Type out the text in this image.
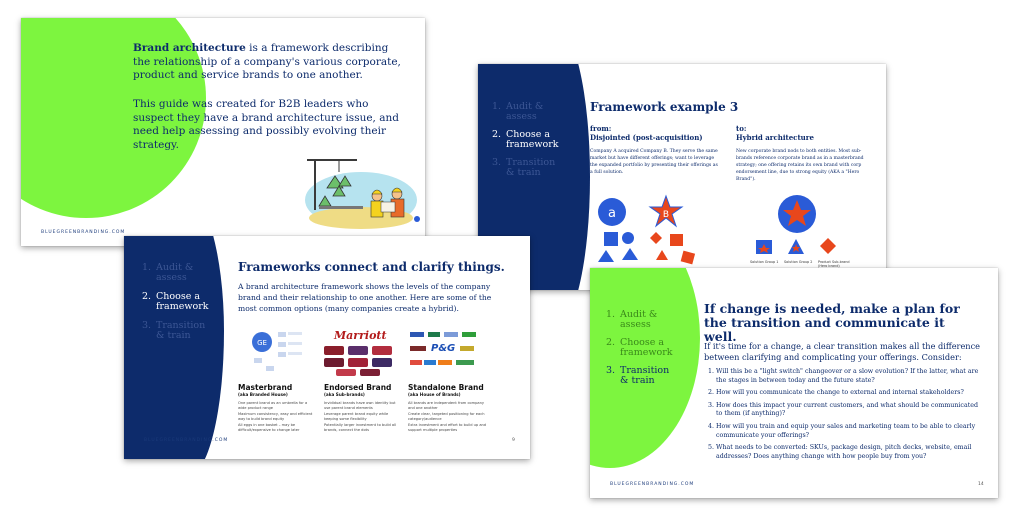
Brand architecture is a framework describing the relationship of a company's various corporate, product and service brands to one another.
This guide was created for B2B leaders who suspect they have a brand architecture issue, and need help assessing and possibly evolving their strategy.
BLUEGREENBRANDING.COM
1. Audit & assess
2. Choose a framework
3. Transition & train
Framework example 3
from:
Disjointed (post-acquisition)
Company A acquired Company B. They serve the same market but have different offerings; want to leverage the expanded portfolio by presenting their offerings as a full solution.
to:
Hybrid architecture
New corporate brand nods to both entities. Most sub-brands reference corporate brand as in a masterbrand strategy; one offering retains its own brand with corp endorsement line, due to strong equity (AKA a "Hero Brand").
a	B
Solution Group 1 Solution Group 2 Product Sub-brand (Hero brand)
1. Audit & assess
2. Choose a framework
3. Transition & train
Frameworks connect and clarify things.
A brand architecture framework shows the levels of the company brand and their relationship to one another. Here are some of the most common options (many companies create a hybrid).
GE
Marriott
P&G
Masterbrand
(aka Branded House)
One parent brand as an umbrella for a wide product range
Maximum consistency, easy and efficient way to build brand equity
All eggs in one basket – may be difficult/expensive to change later
Endorsed Brand
(aka Sub-brands)
Invididual brands have own identity but use parent brand elements
Leverage parent brand equity while keeping some flexibility
Potentially larger investment to build all brands, connect the dots
Standalone Brand
(aka House of Brands)
All brands are independent from company and one another
Create clear, targeted positioning for each category/audience
Extra investment and effort to build up and support multiple properties
BLUEGREENBRANDING.COM	9
1. Audit & assess
2. Choose a framework
3. Transition & train
If change is needed, make a plan for the transition and communicate it well.
If it's time for a change, a clear transition makes all the difference between clarifying and complicating your offerings. Consider:
1. Will this be a "light switch" changeover or a slow evolution? If the latter, what are the stages in between today and the future state?
2. How will you communicate the change to external and internal stakeholders?
3. How does this impact your current customers, and what should be communicated to them (if anything)?
4. How will you train and equip your sales and marketing team to be able to clearly communicate your offerings?
5. What needs to be converted: SKUs, package design, pitch decks, website, email addresses? Does anything change with how people buy from you?
BLUEGREENBRANDING.COM	14
